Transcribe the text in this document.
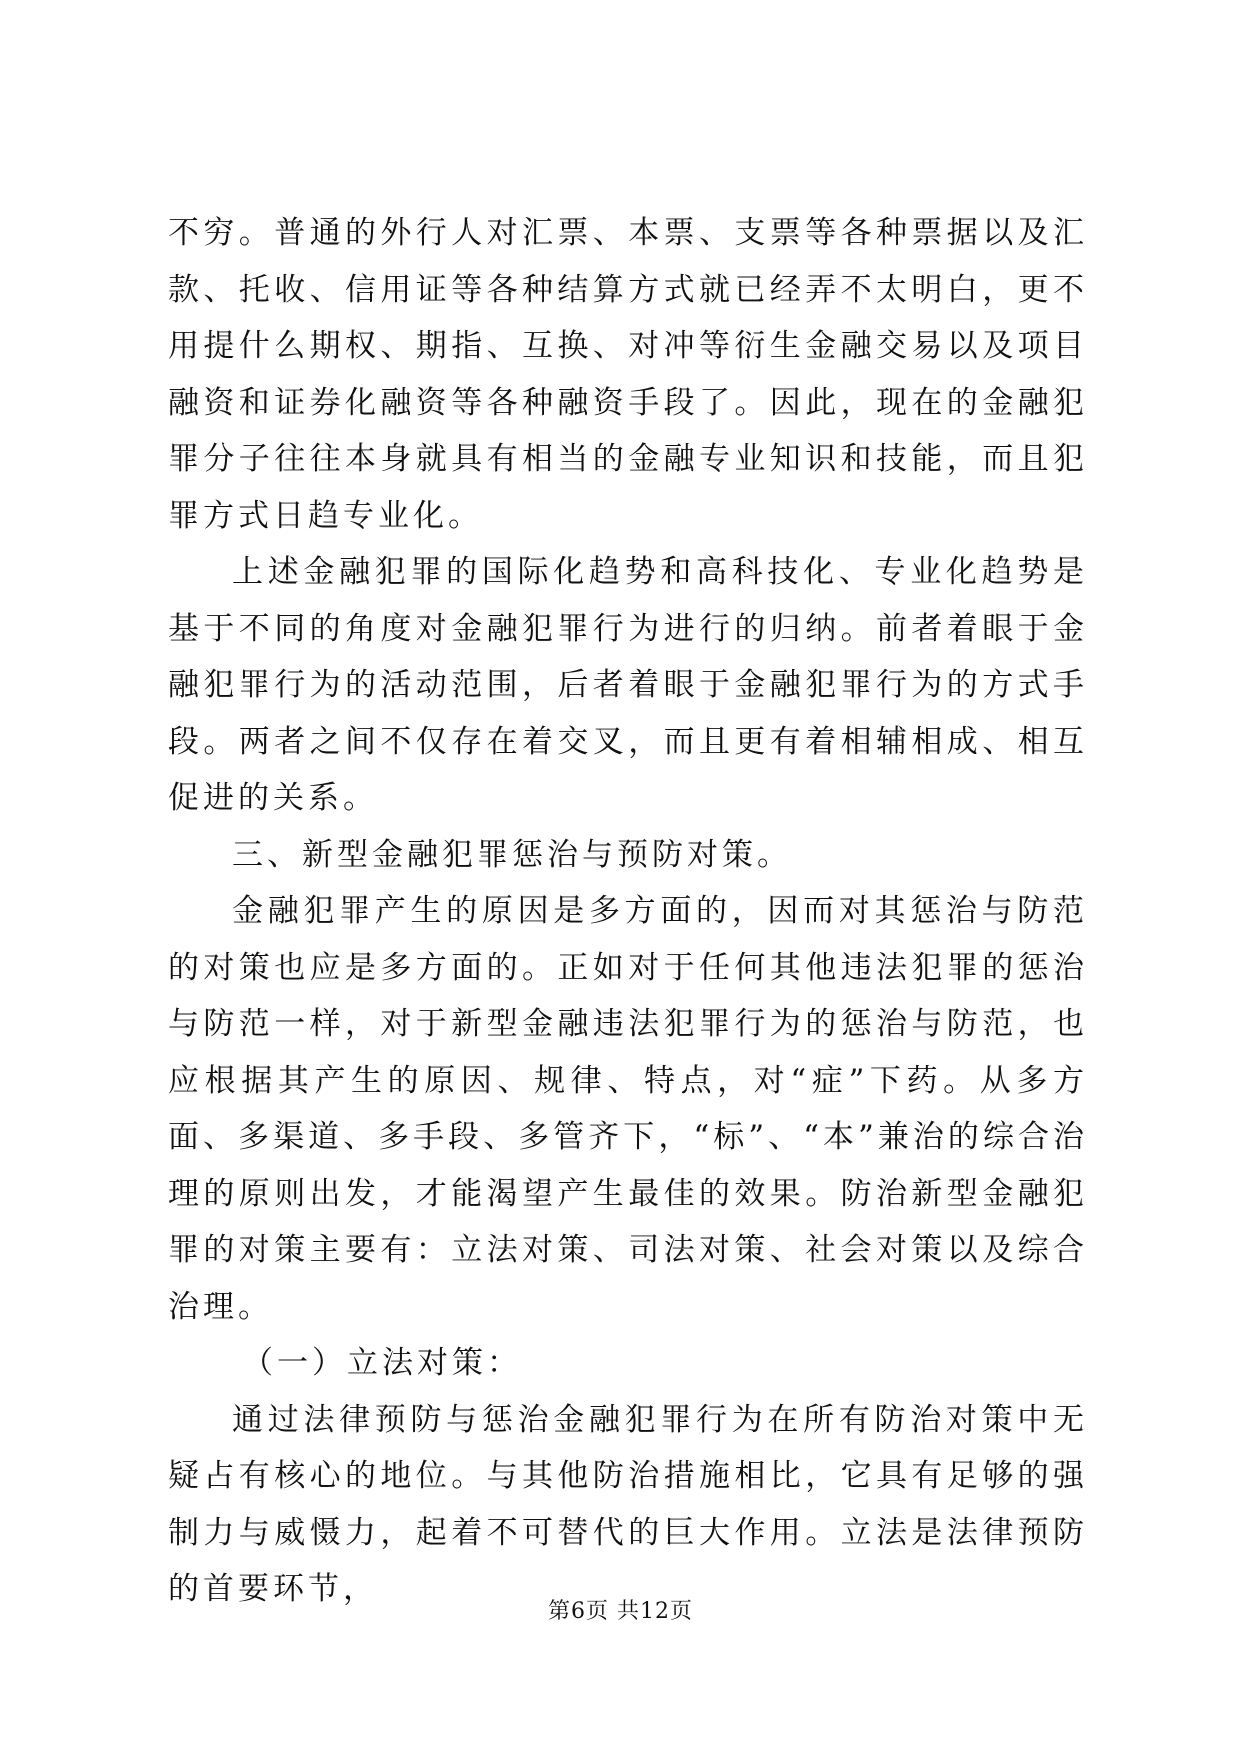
不穷。普通的外行人对汇票、本票、支票等各种票据以及汇款、托收、信用证等各种结算方式就已经弄不太明白，更不用提什么期权、期指、互换、对冲等衍生金融交易以及项目融资和证券化融资等各种融资手段了。因此，现在的金融犯罪分子往往本身就具有相当的金融专业知识和技能，而且犯罪方式日趋专业化。

上述金融犯罪的国际化趋势和高科技化、专业化趋势是基于不同的角度对金融犯罪行为进行的归纳。前者着眼于金融犯罪行为的活动范围，后者着眼于金融犯罪行为的方式手段。两者之间不仅存在着交叉，而且更有着相辅相成、相互促进的关系。

三、新型金融犯罪惩治与预防对策。

金融犯罪产生的原因是多方面的，因而对其惩治与防范的对策也应是多方面的。正如对于任何其他违法犯罪的惩治与防范一样，对于新型金融违法犯罪行为的惩治与防范，也应根据其产生的原因、规律、特点，对“症”下药。从多方面、多渠道、多手段、多管齐下，“标”、“本”兼治的综合治理的原则出发，才能渴望产生最佳的效果。防治新型金融犯罪的对策主要有：立法对策、司法对策、社会对策以及综合治理。

（一）立法对策：

通过法律预防与惩治金融犯罪行为在所有防治对策中无疑占有核心的地位。与其他防治措施相比，它具有足够的强制力与威慑力，起着不可替代的巨大作用。立法是法律预防的首要环节，

第6页 共12页
